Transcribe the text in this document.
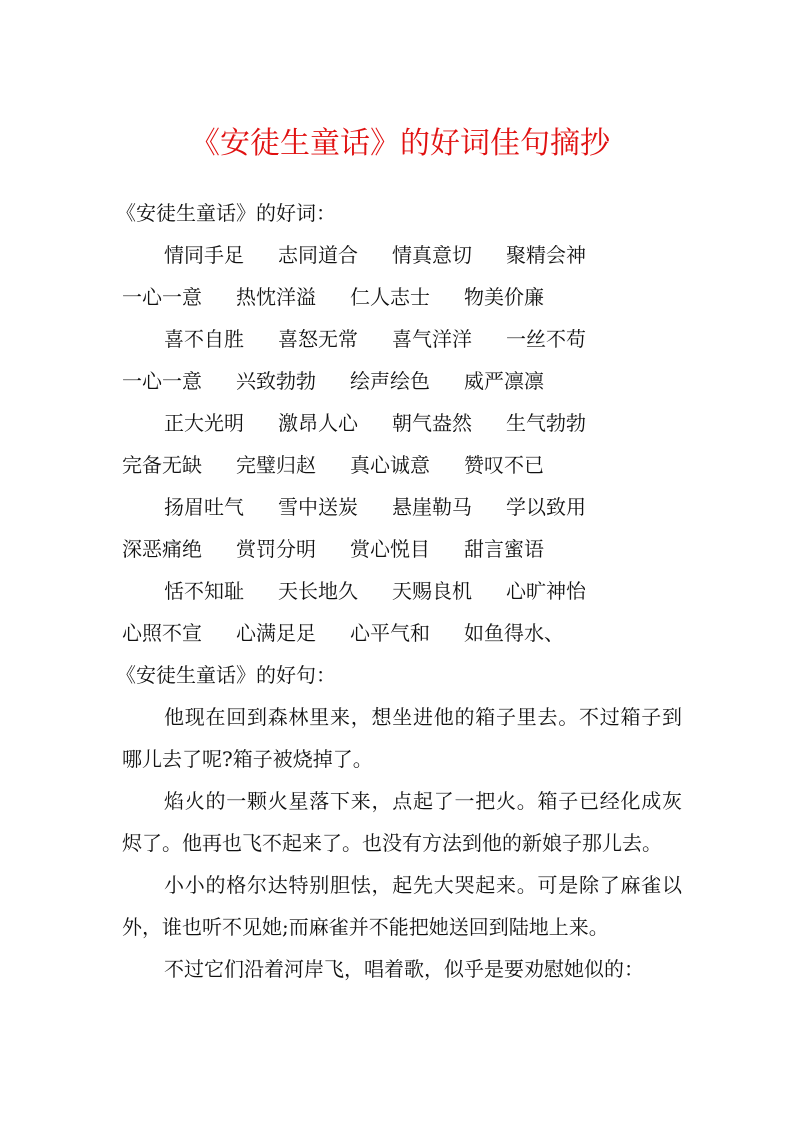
《安徒生童话》的好词佳句摘抄

《安徒生童话》的好词：

情同手足 志同道合 情真意切 聚精会神一心一意 热忱洋溢 仁人志士 物美价廉

喜不自胜 喜怒无常 喜气洋洋 一丝不苟一心一意 兴致勃勃 绘声绘色 威严凛凛

正大光明 激昂人心 朝气盎然 生气勃勃完备无缺 完璧归赵 真心诚意 赞叹不已

扬眉吐气 雪中送炭 悬崖勒马 学以致用深恶痛绝 赏罚分明 赏心悦目 甜言蜜语

恬不知耻 天长地久 天赐良机 心旷神怡心照不宣 心满足足 心平气和 如鱼得水、

《安徒生童话》的好句：

他现在回到森林里来，想坐进他的箱子里去。不过箱子到哪儿去了呢?箱子被烧掉了。

焰火的一颗火星落下来，点起了一把火。箱子已经化成灰烬了。他再也飞不起来了。也没有方法到他的新娘子那儿去。

小小的格尔达特别胆怯，起先大哭起来。可是除了麻雀以外，谁也听不见她;而麻雀并不能把她送回到陆地上来。

不过它们沿着河岸飞，唱着歌，似乎是要劝慰她似的：
